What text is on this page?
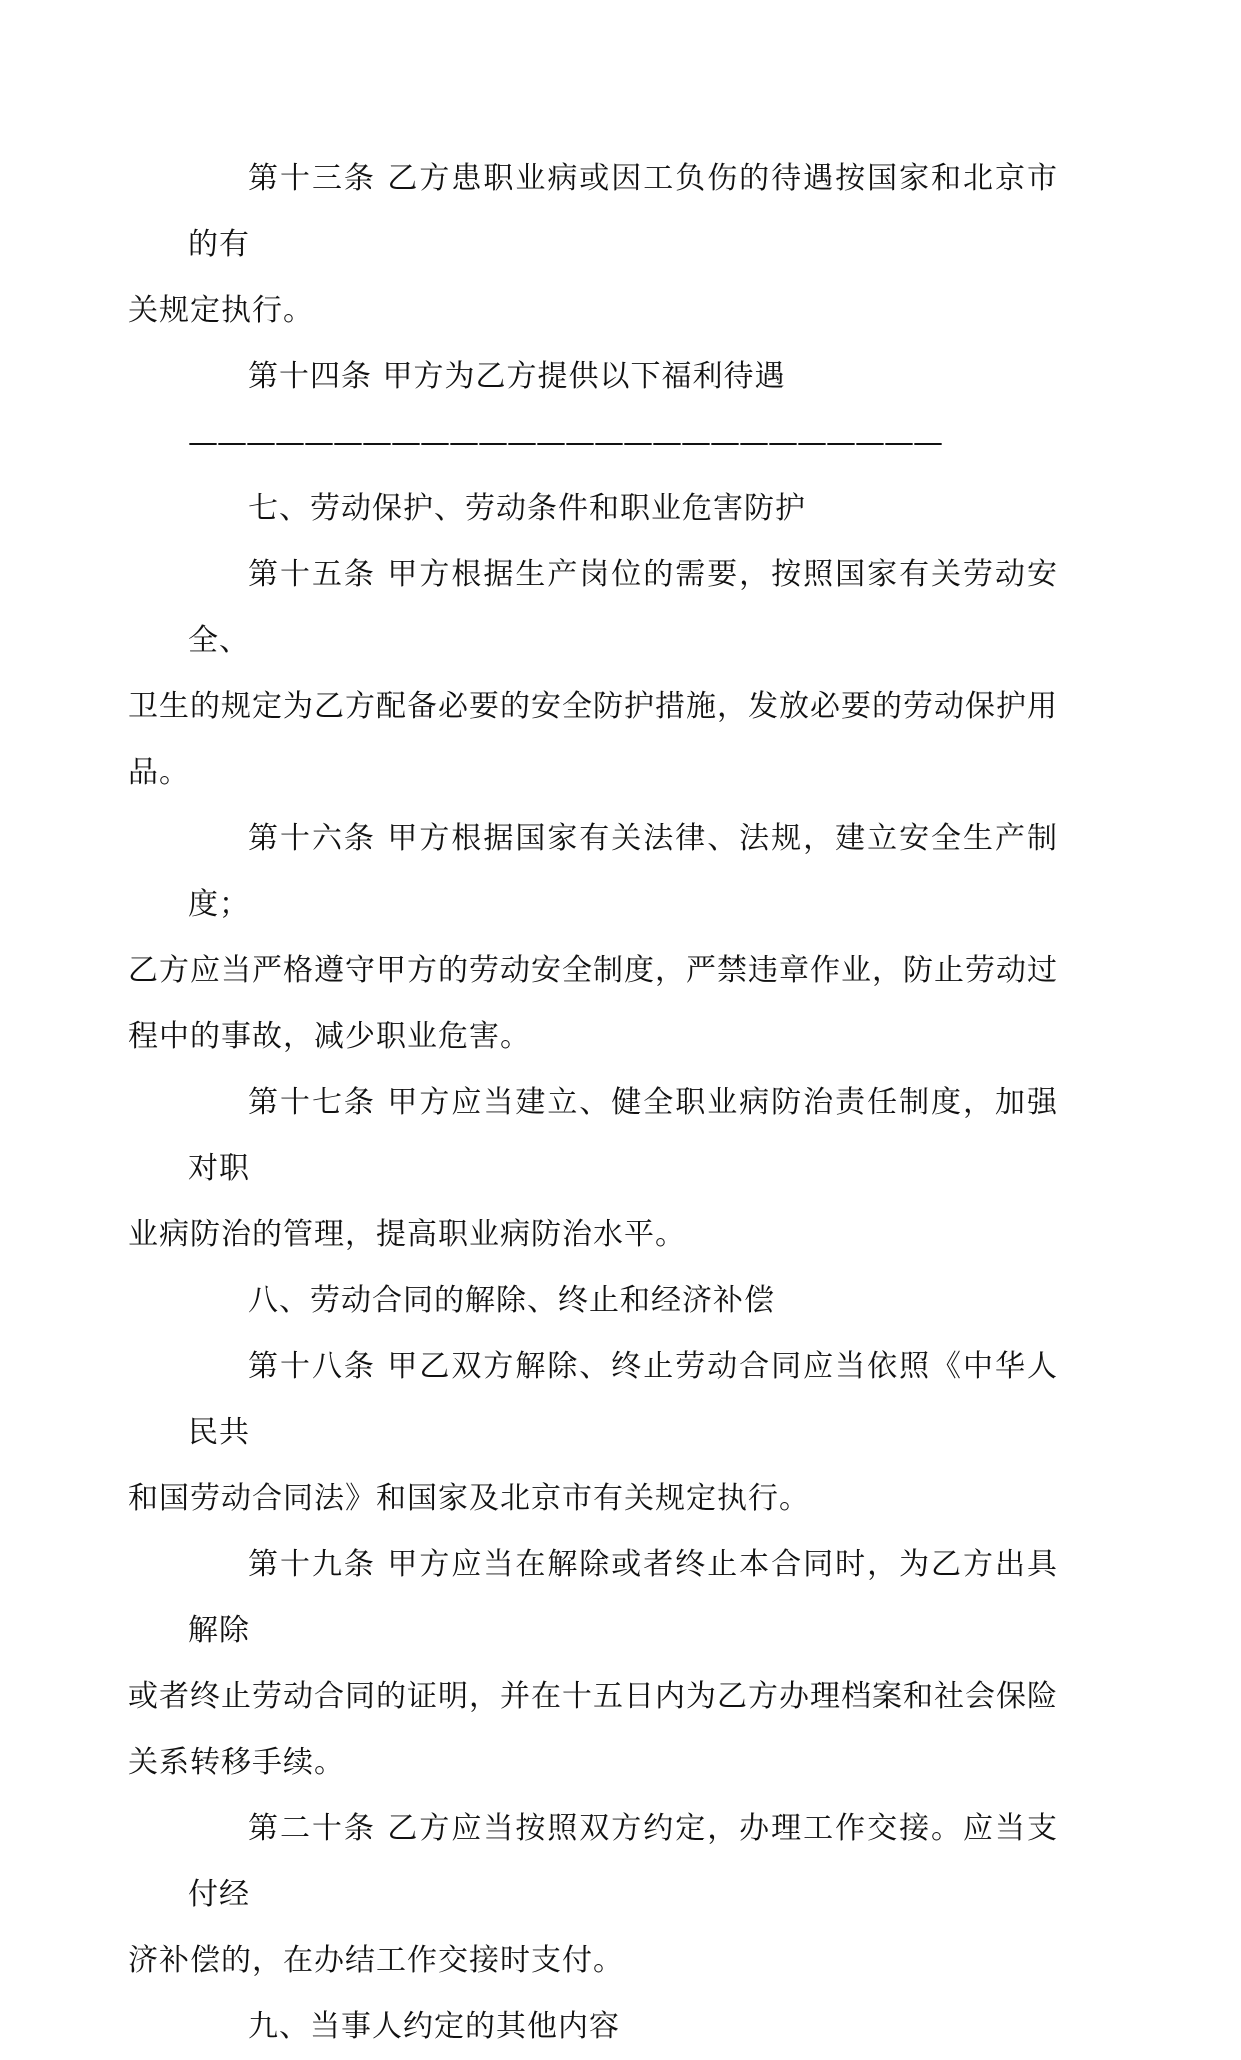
第十三条 乙方患职业病或因工负伤的待遇按国家和北京市的有
关规定执行。

第十四条 甲方为乙方提供以下福利待遇

——————————————————————————

七、劳动保护、劳动条件和职业危害防护

第十五条 甲方根据生产岗位的需要，按照国家有关劳动安全、
卫生的规定为乙方配备必要的安全防护措施，发放必要的劳动保护用
品。

第十六条 甲方根据国家有关法律、法规，建立安全生产制度；
乙方应当严格遵守甲方的劳动安全制度，严禁违章作业，防止劳动过
程中的事故，减少职业危害。

第十七条 甲方应当建立、健全职业病防治责任制度，加强对职
业病防治的管理，提高职业病防治水平。

八、劳动合同的解除、终止和经济补偿

第十八条 甲乙双方解除、终止劳动合同应当依照《中华人民共
和国劳动合同法》和国家及北京市有关规定执行。

第十九条 甲方应当在解除或者终止本合同时，为乙方出具解除
或者终止劳动合同的证明，并在十五日内为乙方办理档案和社会保险
关系转移手续。

第二十条 乙方应当按照双方约定，办理工作交接。应当支付经
济补偿的，在办结工作交接时支付。

九、当事人约定的其他内容
